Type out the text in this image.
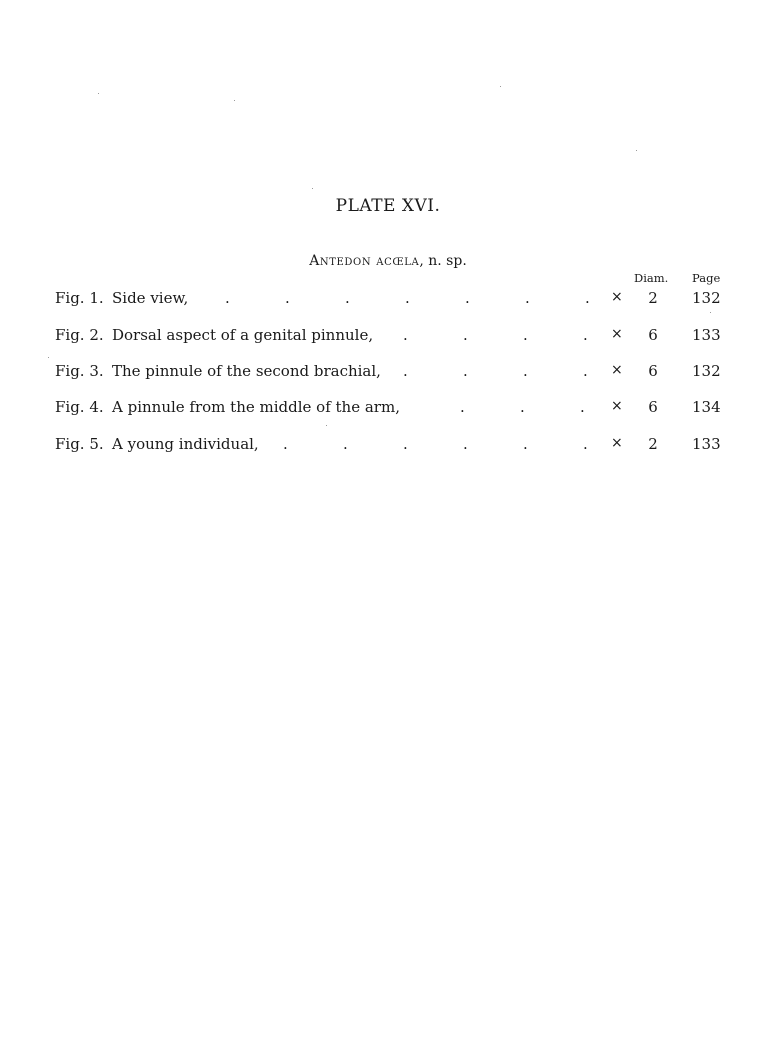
PLATE XVI.

Antedon acœla, n. sp.

Diam. Page
.	.	.	.	.	.	.
Fig. 1. Side view,	× 2 132
.	.	.	.
Fig. 2. Dorsal aspect of a genital pinnule,	× 6 133
.	.	.	.
Fig. 3. The pinnule of the second brachial,	× 6 132
.	.	.
Fig. 4. A pinnule from the middle of the arm,	× 6 134
.	.	.	.	.	.
Fig. 5. A young individual,	× 2 133
